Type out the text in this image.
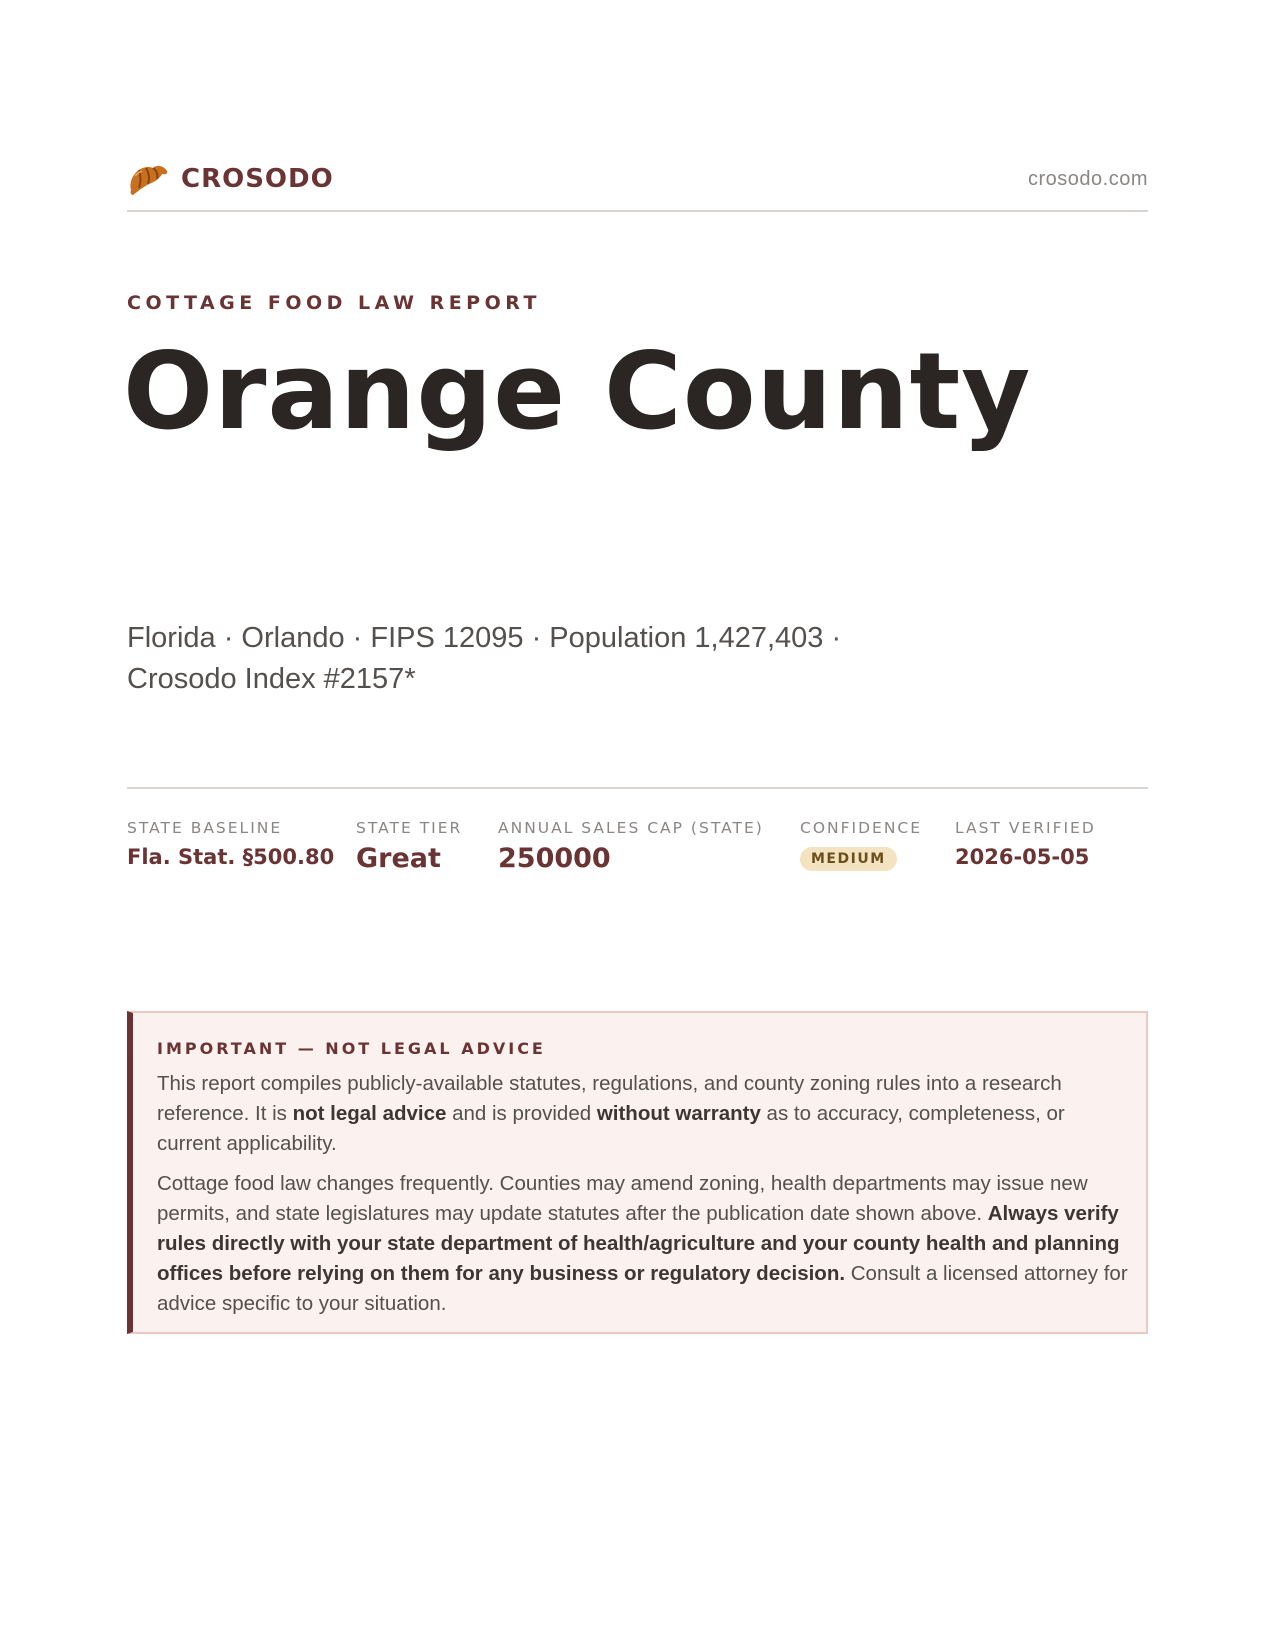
CROSODO	crosodo.com
COTTAGE FOOD LAW REPORT
Orange County
Florida · Orlando · FIPS 12095 · Population 1,427,403 ·
Crosodo Index #2157*
STATE BASELINE
Fla. Stat. §500.80
STATE TIER
Great
ANNUAL SALES CAP (STATE)
250000
CONFIDENCE
MEDIUM
LAST VERIFIED
2026-05-05
IMPORTANT — NOT LEGAL ADVICE

This report compiles publicly-available statutes, regulations, and county zoning rules into a research reference. It is not legal advice and is provided without warranty as to accuracy, completeness, or current applicability.

Cottage food law changes frequently. Counties may amend zoning, health departments may issue new permits, and state legislatures may update statutes after the publication date shown above. Always verify rules directly with your state department of health/agriculture and your county health and planning offices before relying on them for any business or regulatory decision. Consult a licensed attorney for advice specific to your situation.
